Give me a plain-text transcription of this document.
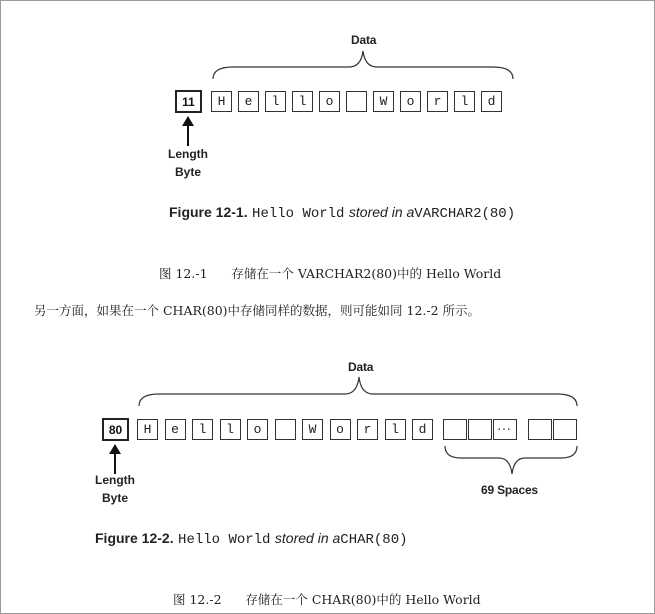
Data
11	H	e	l	l	o	W	o	r	l	d
Length
Byte
Figure 12-1. Hello World stored in aVARCHAR2(80)
图 12.-1      存储在一个 VARCHAR2(80)中的 Hello World
另一方面，如果在一个 CHAR(80)中存储同样的数据，则可能如同 12.-2 所示。
Data
80	H	e	l	l	o	W	o	r	l	d	···
69 Spaces
Length
Byte
Figure 12-2. Hello World stored in aCHAR(80)
图 12.-2      存储在一个 CHAR(80)中的 Hello World
